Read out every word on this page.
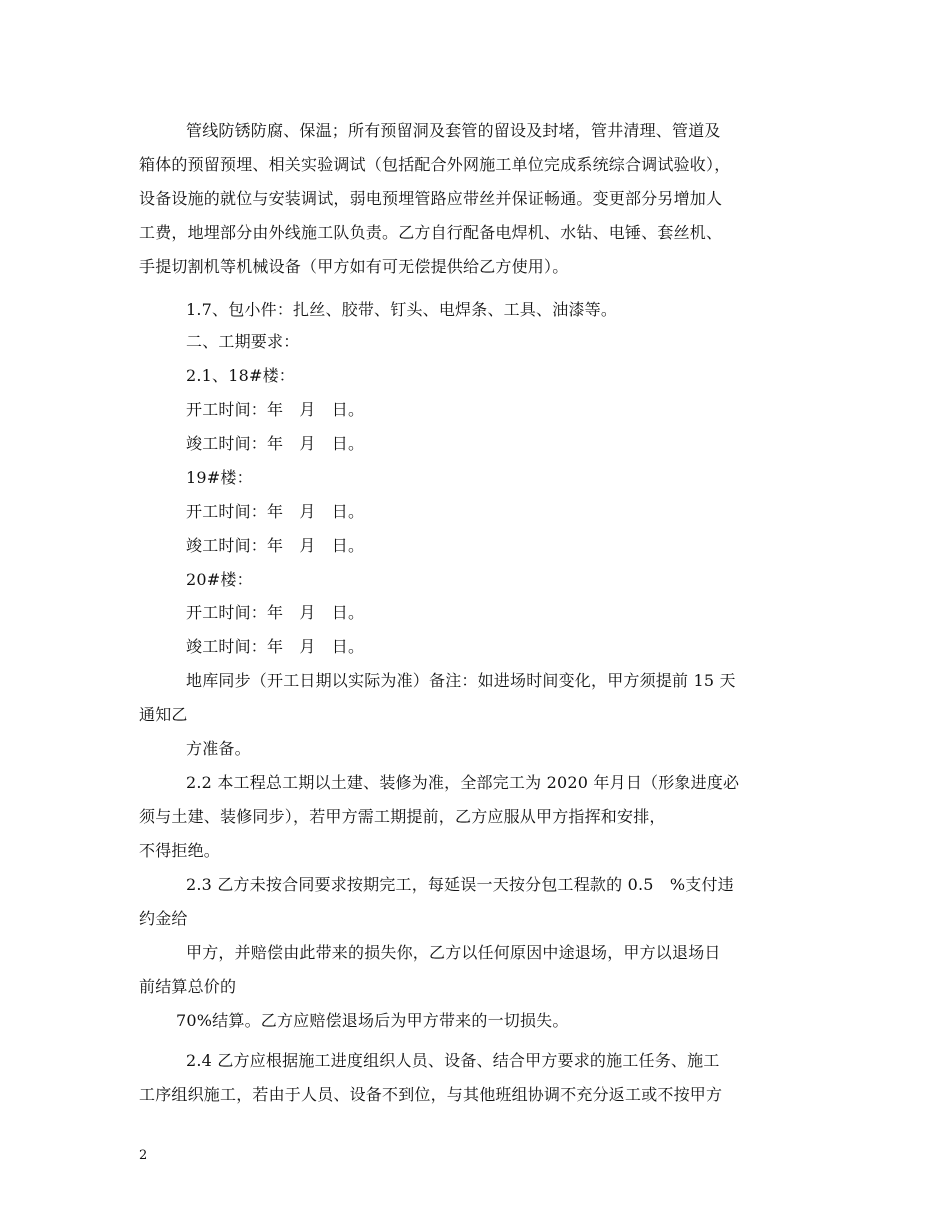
管线防锈防腐、保温；所有预留洞及套管的留设及封堵，管井清理、管道及
箱体的预留预埋、相关实验调试（包括配合外网施工单位完成系统综合调试验收），
设备设施的就位与安装调试，弱电预埋管路应带丝并保证畅通。变更部分另增加人
工费，地埋部分由外线施工队负责。乙方自行配备电焊机、水钻、电锤、套丝机、
手提切割机等机械设备（甲方如有可无偿提供给乙方使用）。
1.7、包小件：扎丝、胶带、钉头、电焊条、工具、油漆等。
二、工期要求：
2.1、18#楼：
开工时间：年　月　日。
竣工时间：年　月　日。
19#楼：
开工时间：年　月　日。
竣工时间：年　月　日。
20#楼：
开工时间：年　月　日。
竣工时间：年　月　日。
地库同步（开工日期以实际为准）备注：如进场时间变化，甲方须提前 15 天
通知乙
方准备。
2.2 本工程总工期以土建、装修为准，全部完工为 2020 年月日（形象进度必
须与土建、装修同步），若甲方需工期提前，乙方应服从甲方指挥和安排，
不得拒绝。
2.3 乙方未按合同要求按期完工，每延误一天按分包工程款的 0.5　%支付违
约金给
甲方，并赔偿由此带来的损失你，乙方以任何原因中途退场，甲方以退场日
前结算总价的
70%结算。乙方应赔偿退场后为甲方带来的一切损失。
2.4 乙方应根据施工进度组织人员、设备、结合甲方要求的施工任务、施工
工序组织施工，若由于人员、设备不到位，与其他班组协调不充分返工或不按甲方
2
